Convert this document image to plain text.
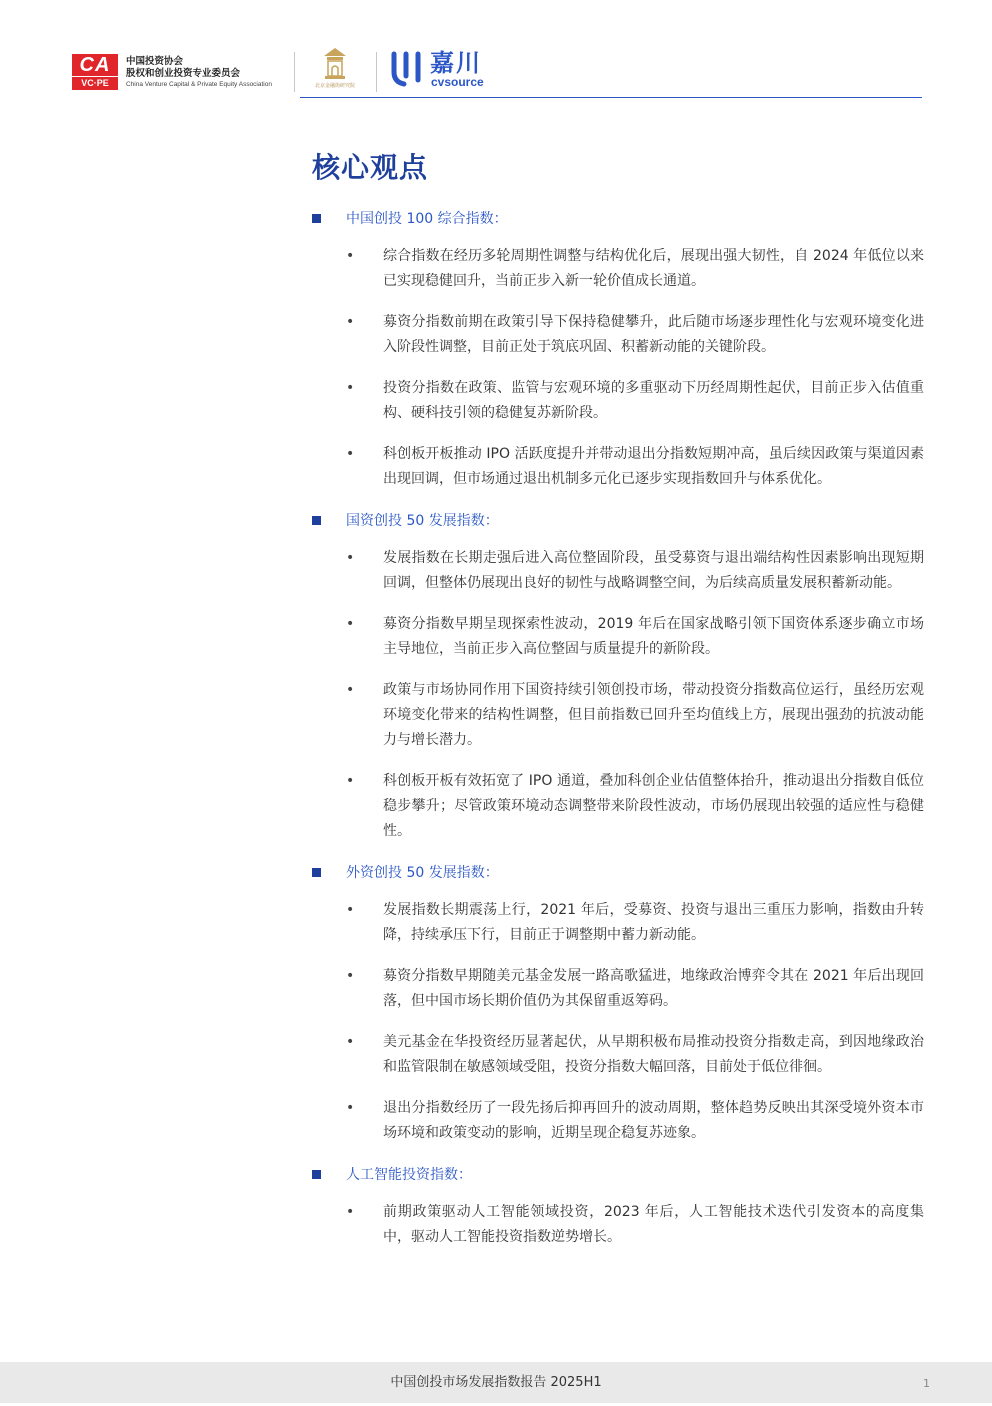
CA
VC·PE
中国投资协会
股权和创业投资专业委员会
China Venture Capital & Private Equity Association	北京金融街研究院
嘉川
cvsource
核心观点
中国创投 100 综合指数：
• 综合指数在经历多轮周期性调整与结构优化后，展现出强大韧性，自 2024 年低位以来已实现稳健回升，当前正步入新一轮价值成长通道。
• 募资分指数前期在政策引导下保持稳健攀升，此后随市场逐步理性化与宏观环境变化进入阶段性调整，目前正处于筑底巩固、积蓄新动能的关键阶段。
• 投资分指数在政策、监管与宏观环境的多重驱动下历经周期性起伏，目前正步入估值重构、硬科技引领的稳健复苏新阶段。
• 科创板开板推动 IPO 活跃度提升并带动退出分指数短期冲高，虽后续因政策与渠道因素出现回调，但市场通过退出机制多元化已逐步实现指数回升与体系优化。
国资创投 50 发展指数：
• 发展指数在长期走强后进入高位整固阶段，虽受募资与退出端结构性因素影响出现短期回调，但整体仍展现出良好的韧性与战略调整空间，为后续高质量发展积蓄新动能。
• 募资分指数早期呈现探索性波动，2019 年后在国家战略引领下国资体系逐步确立市场主导地位，当前正步入高位整固与质量提升的新阶段。
• 政策与市场协同作用下国资持续引领创投市场，带动投资分指数高位运行，虽经历宏观环境变化带来的结构性调整，但目前指数已回升至均值线上方，展现出强劲的抗波动能力与增长潜力。
• 科创板开板有效拓宽了 IPO 通道，叠加科创企业估值整体抬升，推动退出分指数自低位稳步攀升；尽管政策环境动态调整带来阶段性波动，市场仍展现出较强的适应性与稳健性。
外资创投 50 发展指数：
• 发展指数长期震荡上行，2021 年后，受募资、投资与退出三重压力影响，指数由升转降，持续承压下行，目前正于调整期中蓄力新动能。
• 募资分指数早期随美元基金发展一路高歌猛进，地缘政治博弈令其在 2021 年后出现回落，但中国市场长期价值仍为其保留重返筹码。
• 美元基金在华投资经历显著起伏，从早期积极布局推动投资分指数走高，到因地缘政治和监管限制在敏感领域受阻，投资分指数大幅回落，目前处于低位徘徊。
• 退出分指数经历了一段先扬后抑再回升的波动周期，整体趋势反映出其深受境外资本市场环境和政策变动的影响，近期呈现企稳复苏迹象。
人工智能投资指数：
• 前期政策驱动人工智能领域投资，2023 年后，人工智能技术迭代引发资本的高度集中，驱动人工智能投资指数逆势增长。
中国创投市场发展指数报告 2025H1	1
